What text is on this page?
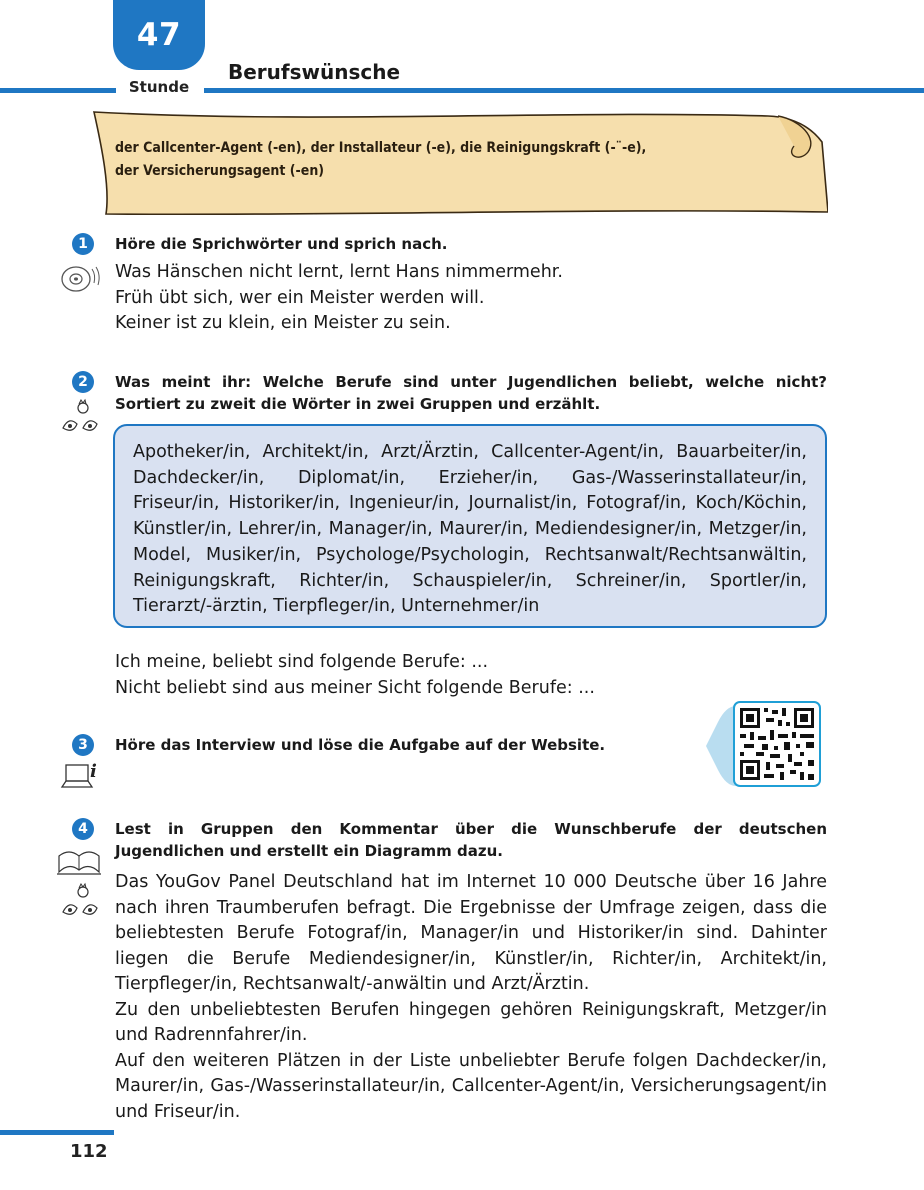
47
Stunde
Berufswünsche
der Callcenter-Agent (-en), der Installateur (-e), die Reinigungskraft (-¨-e),
der Versicherungsagent (-en)
1	Höre die Sprichwörter und sprich nach.
Was Hänschen nicht lernt, lernt Hans nimmermehr.
Früh übt sich, wer ein Meister werden will.
Keiner ist zu klein, ein Meister zu sein.
2	Was meint ihr: Welche Berufe sind unter Jugendlichen beliebt, welche nicht? Sortiert zu zweit die Wörter in zwei Gruppen und erzählt.
Apotheker/in, Architekt/in, Arzt/Ärztin, Callcenter-Agent/in, Bauarbeiter/in, Dachdecker/in, Diplomat/in, Erzieher/in, Gas-/Wasserinstallateur/in, Friseur/in, Historiker/in, Ingenieur/in, Journalist/in, Fotograf/in, Koch/Köchin, Künstler/in, Lehrer/in, Manager/in, Maurer/in, Mediendesigner/in, Metzger/in, Model, Musiker/in, Psychologe/Psychologin, Rechtsanwalt/Rechtsanwältin, Reinigungskraft, Richter/in, Schauspieler/in, Schreiner/in, Sportler/in, Tierarzt/-ärztin, Tierpfleger/in, Unternehmer/in
Ich meine, beliebt sind folgende Berufe: ...
Nicht beliebt sind aus meiner Sicht folgende Berufe: ...
3	Höre das Interview und löse die Aufgabe auf der Website.
i
4	Lest in Gruppen den Kommentar über die Wunschberufe der deutschen Jugendlichen und erstellt ein Diagramm dazu.
Das YouGov Panel Deutschland hat im Internet 10 000 Deutsche über 16 Jahre nach ihren Traumberufen befragt. Die Ergebnisse der Umfrage zeigen, dass die beliebtesten Berufe Fotograf/in, Manager/in und Historiker/in sind. Dahinter liegen die Berufe Mediendesigner/in, Künstler/in, Richter/in, Architekt/in, Tierpfleger/in, Rechtsanwalt/-anwältin und Arzt/Ärztin.
Zu den unbeliebtesten Berufen hingegen gehören Reinigungskraft, Metzger/in und Radrennfahrer/in.
Auf den weiteren Plätzen in der Liste unbeliebter Berufe folgen Dachdecker/in, Maurer/in, Gas-/Wasserinstallateur/in, Callcenter-Agent/in, Versicherungsagent/in und Friseur/in.
112
